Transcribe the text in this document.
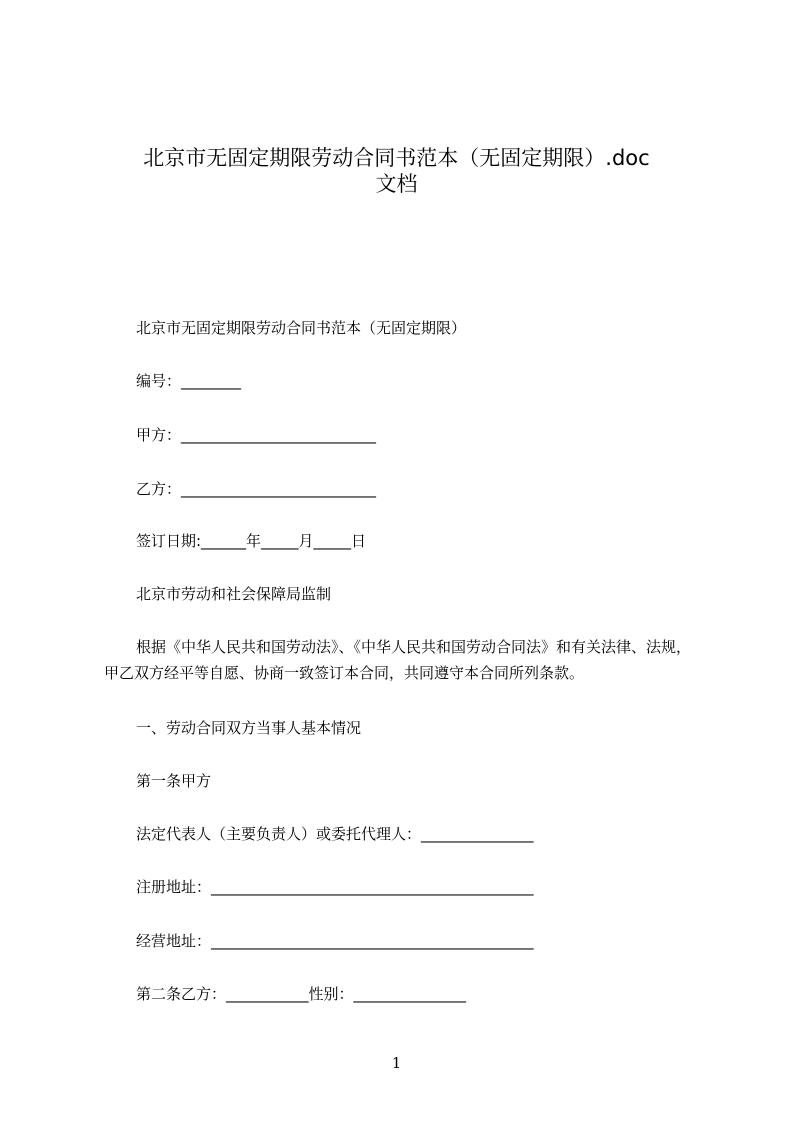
北京市无固定期限劳动合同书范本（无固定期限）.doc
文档
北京市无固定期限劳动合同书范本（无固定期限）
编号：________
甲方：__________________________
乙方：__________________________
签订日期:______年_____月_____日
北京市劳动和社会保障局监制

根据《中华人民共和国劳动法》、《中华人民共和国劳动合同法》和有关法律、法规，甲乙双方经平等自愿、协商一致签订本合同，共同遵守本合同所列条款。

一、劳动合同双方当事人基本情况
第一条甲方
法定代表人（主要负责人）或委托代理人：_______________
注册地址：___________________________________________
经营地址：___________________________________________
第二条乙方：___________性别：_______________
1
